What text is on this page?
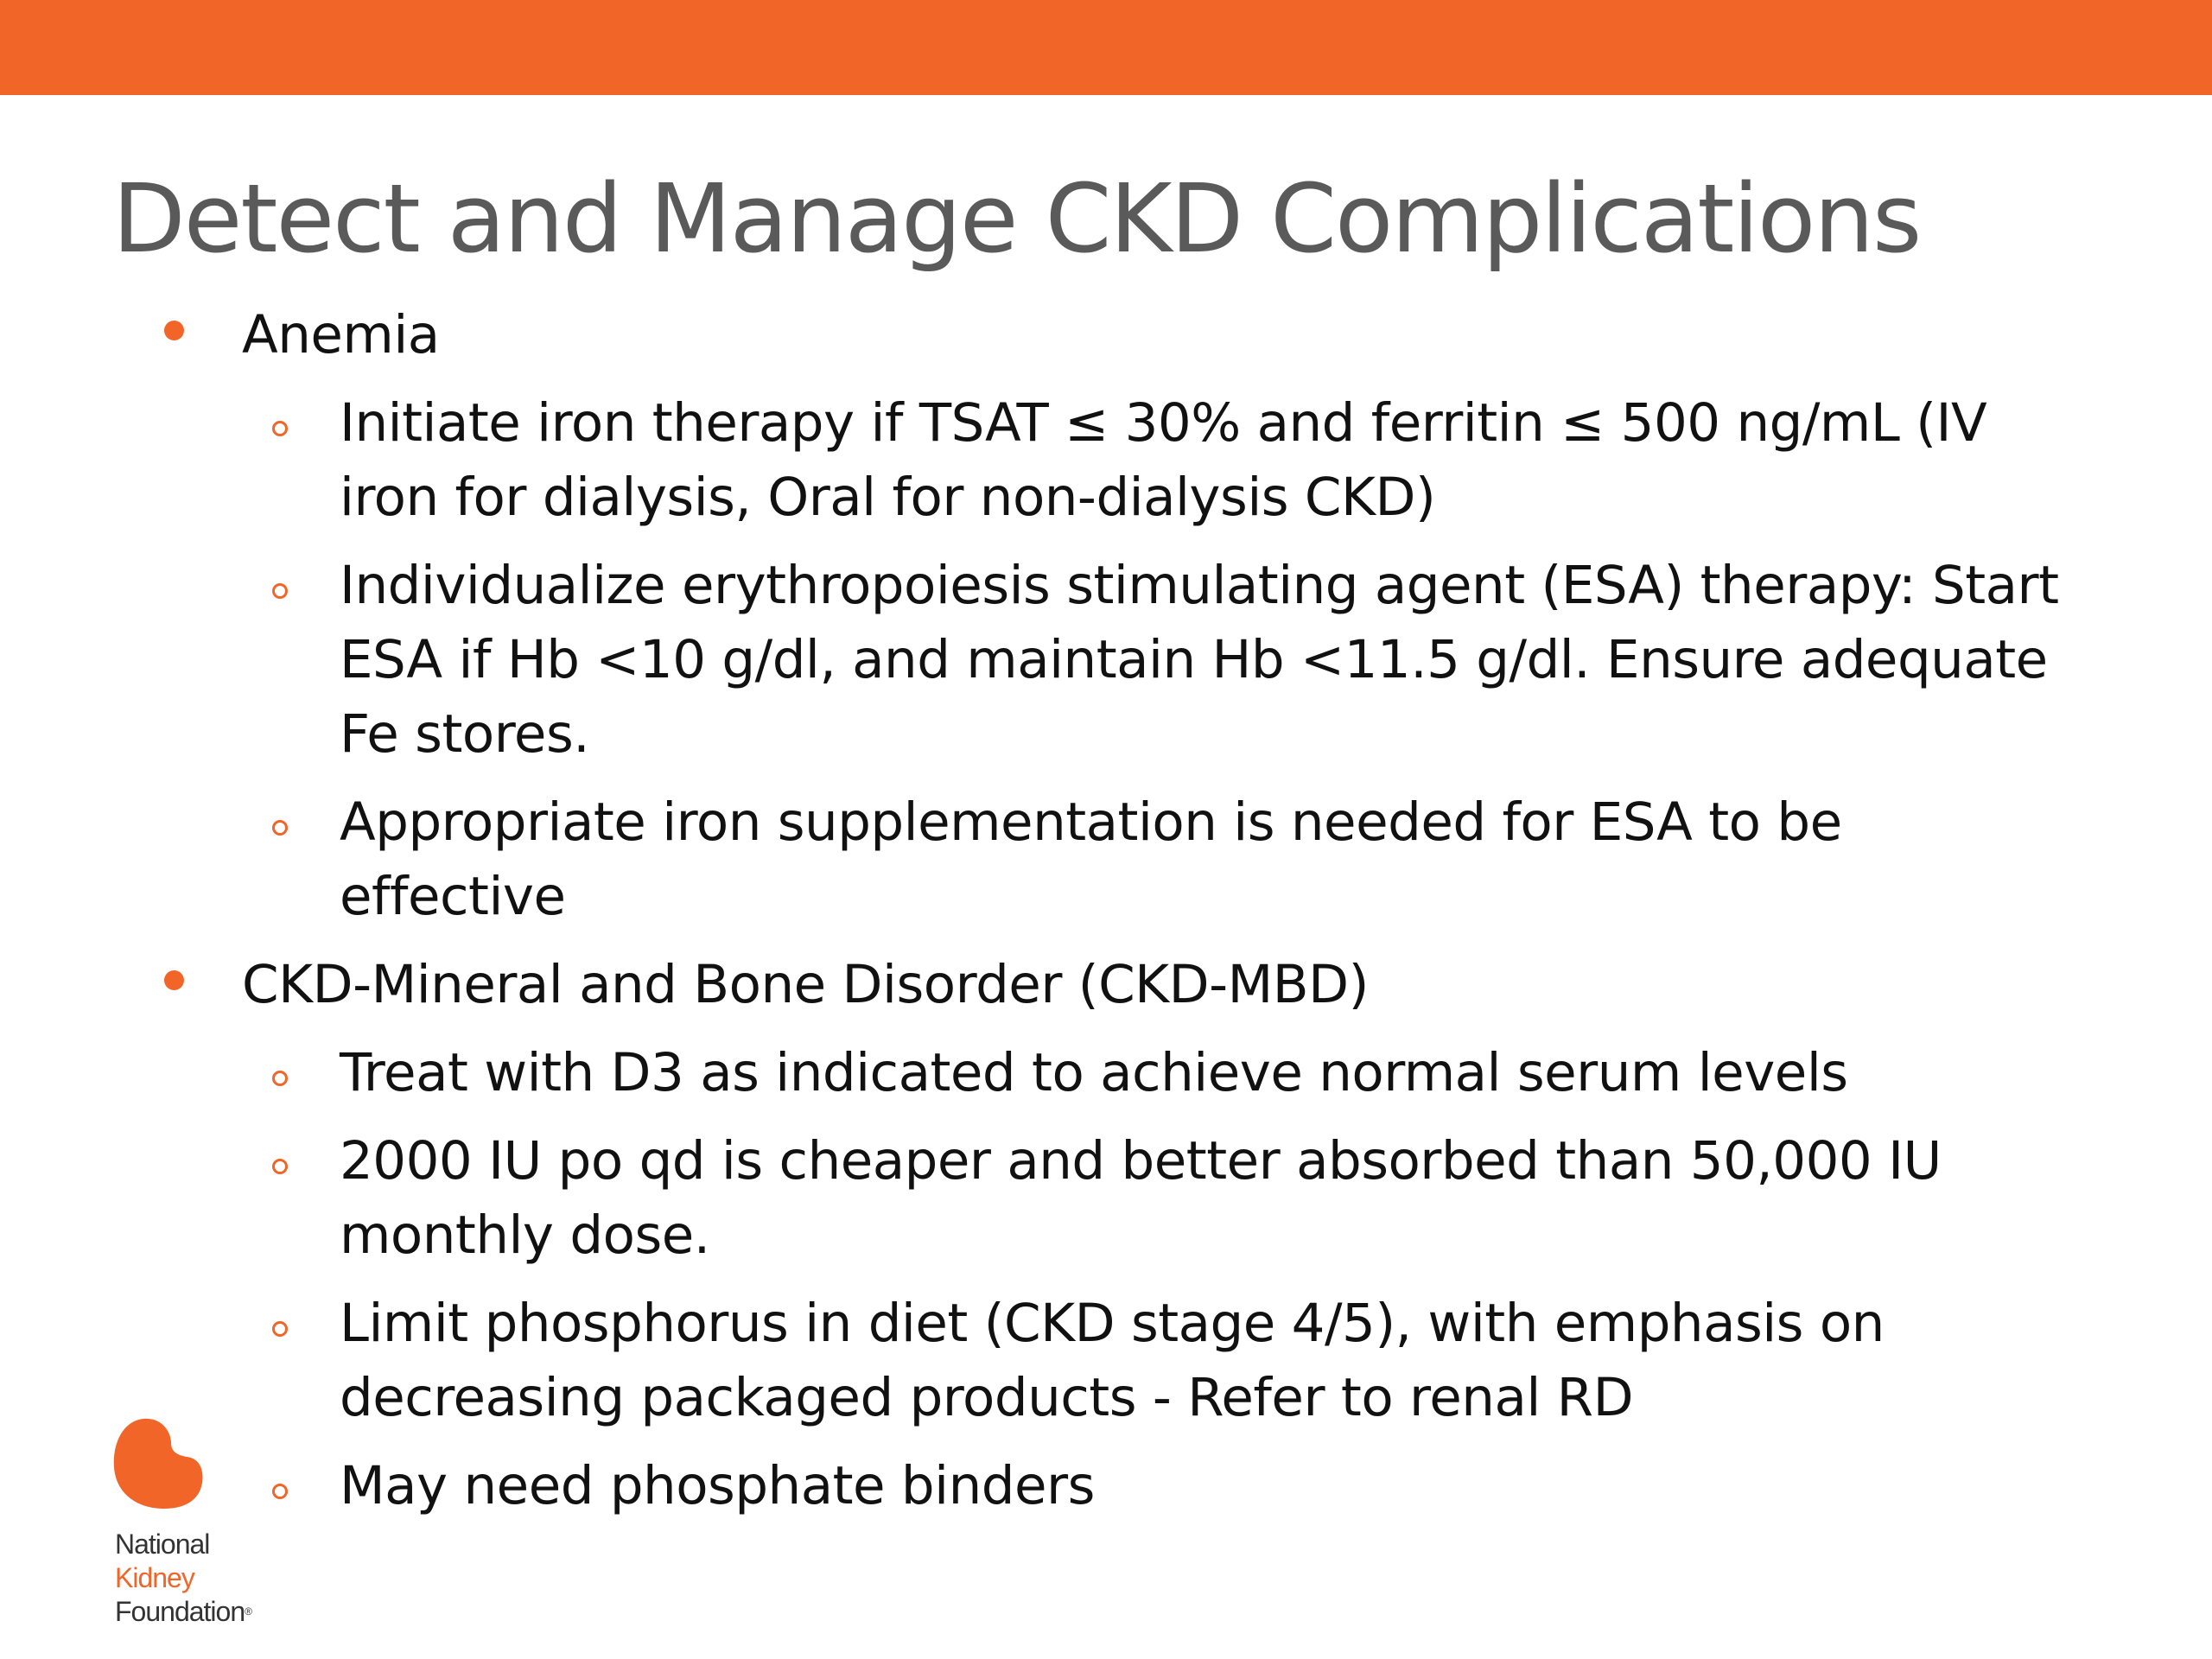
Detect and Manage CKD Complications
Anemia
Initiate iron therapy if TSAT ≤ 30% and ferritin ≤ 500 ng/mL (IV iron for dialysis, Oral for non-dialysis CKD)
Individualize erythropoiesis stimulating agent (ESA) therapy: Start ESA if Hb <10 g/dl, and maintain Hb <11.5 g/dl. Ensure adequate Fe stores.
Appropriate iron supplementation is needed for ESA to be effective
CKD-Mineral and Bone Disorder (CKD-MBD)
Treat with D3 as indicated to achieve normal serum levels
2000 IU po qd is cheaper and better absorbed than 50,000 IU monthly dose.
Limit phosphorus in diet (CKD stage 4/5), with emphasis on decreasing packaged products - Refer to renal RD
May need phosphate binders
National
Kidney
Foundation®
